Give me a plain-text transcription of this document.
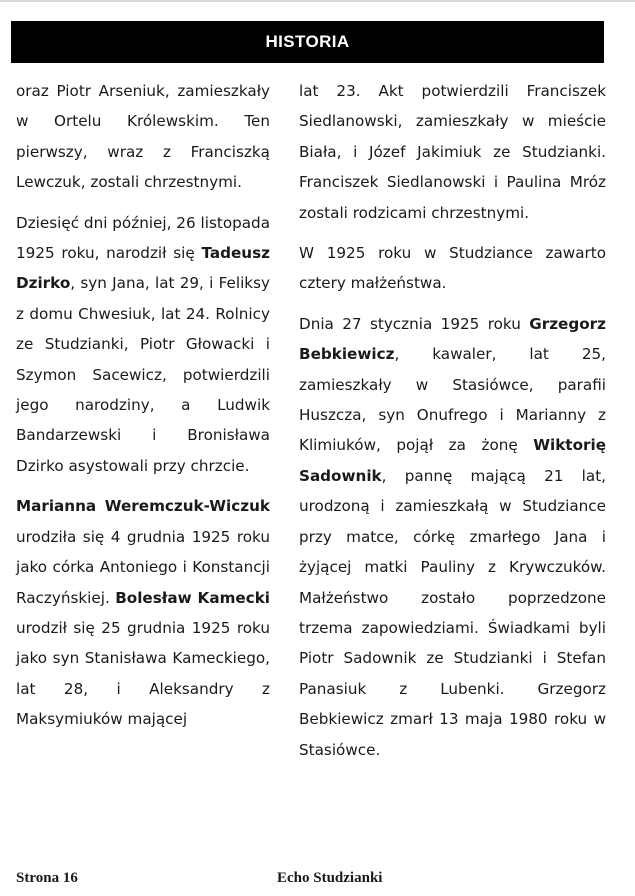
HISTORIA

oraz Piotr Arseniuk, zamieszkały w Ortelu Królewskim. Ten pierwszy, wraz z Franciszką Lewczuk, zostali chrzestnymi.

Dziesięć dni później, 26 listopada 1925 roku, narodził się Tadeusz Dzirko, syn Jana, lat 29, i Feliksy z domu Chwesiuk, lat 24. Rolnicy ze Studzianki, Piotr Głowacki i Szymon Sacewicz, potwierdzili jego narodziny, a Ludwik Bandarzewski i Bronisława Dzirko asystowali przy chrzcie.

Marianna Weremczuk-Wiczuk urodziła się 4 grudnia 1925 roku jako córka Antoniego i Konstancji Raczyńskiej. Bolesław Kamecki urodził się 25 grudnia 1925 roku jako syn Stanisława Kameckiego, lat 28, i Aleksandry z Maksymiuków mającej

lat 23. Akt potwierdzili Franciszek Siedlanowski, zamieszkały w mieście Biała, i Józef Jakimiuk ze Studzianki. Franciszek Siedlanowski i Paulina Mróz zostali rodzicami chrzestnymi.

W 1925 roku w Studziance zawarto cztery małżeństwa.

Dnia 27 stycznia 1925 roku Grzegorz Bebkiewicz, kawaler, lat 25, zamieszkały w Stasiówce, parafii Huszcza, syn Onufrego i Marianny z Klimiuków, pojął za żonę Wiktorię Sadownik, pannę mającą 21 lat, urodzoną i zamieszkałą w Studziance przy matce, córkę zmarłego Jana i żyjącej matki Pauliny z Krywczuków. Małżeństwo zostało poprzedzone trzema zapowiedziami. Świadkami byli Piotr Sadownik ze Studzianki i Stefan Panasiuk z Lubenki. Grzegorz Bebkiewicz zmarł 13 maja 1980 roku w Stasiówce.

Strona 16	Echo Studzianki
